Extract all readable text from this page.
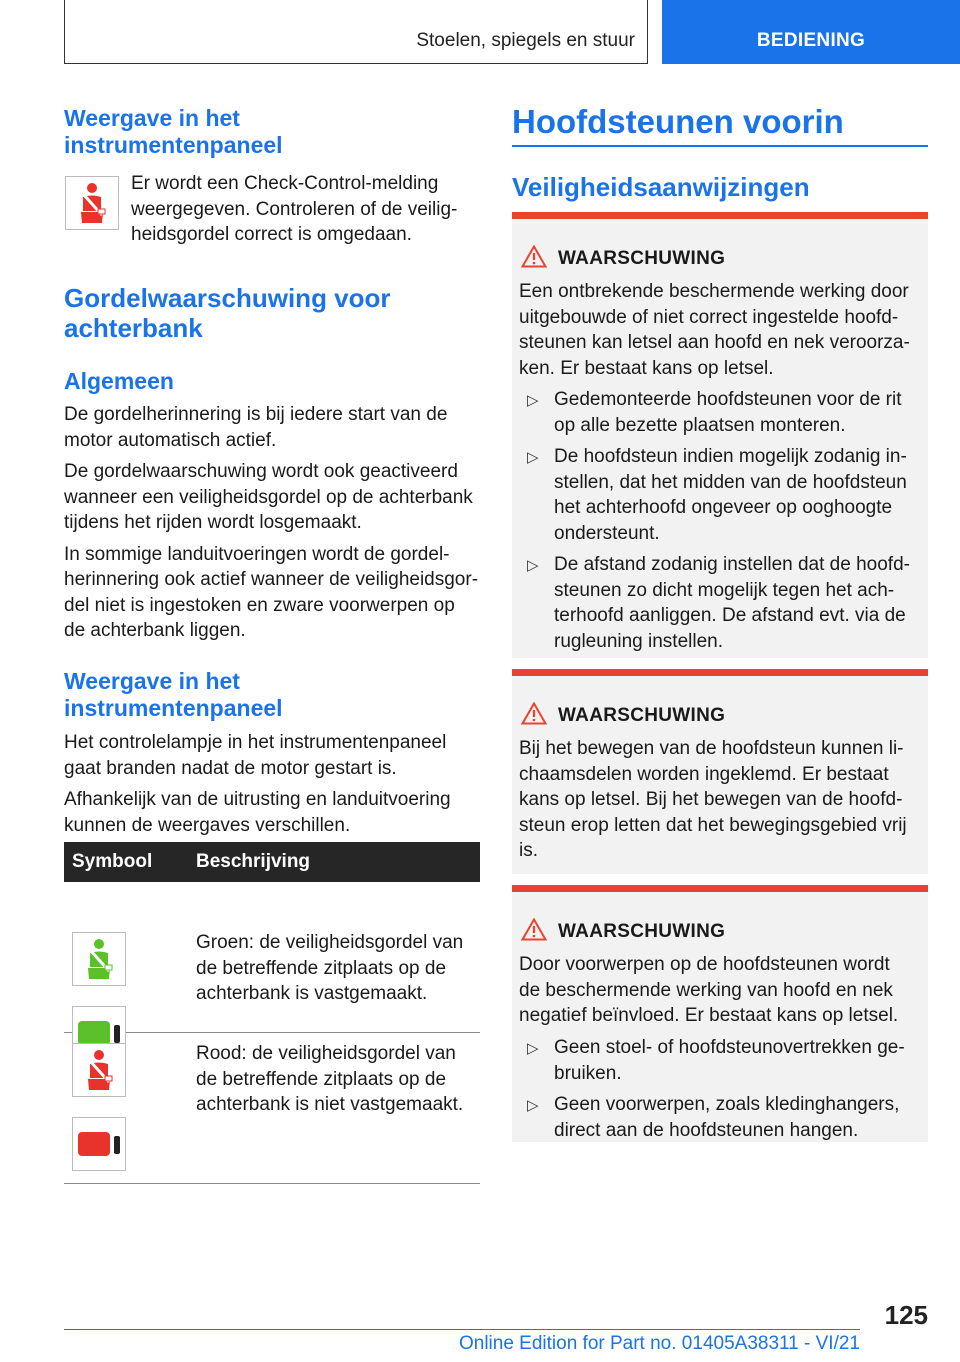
Stoelen, spiegels en stuur	BEDIENING
Weergave in het
instrumentenpaneel
Er wordt een Check-Control-melding
weergegeven. Controleren of de veilig-
heidsgordel correct is omgedaan.
Gordelwaarschuwing voor
achterbank
Algemeen

De gordelherinnering is bij iedere start van de
motor automatisch actief.

De gordelwaarschuwing wordt ook geactiveerd
wanneer een veiligheidsgordel op de achterbank
tijdens het rijden wordt losgemaakt.

In sommige landuitvoeringen wordt de gordel-
herinnering ook actief wanneer de veiligheidsgor-
del niet is ingestoken en zware voorwerpen op
de achterbank liggen.

Weergave in het
instrumentenpaneel

Het controlelampje in het instrumentenpaneel
gaat branden nadat de motor gestart is.

Afhankelijk van de uitrusting en landuitvoering
kunnen de weergaves verschillen.

Symbool Beschrijving
Groen: de veiligheidsgordel van
de betreffende zitplaats op de
achterbank is vastgemaakt.
Rood: de veiligheidsgordel van
de betreffende zitplaats op de
achterbank is niet vastgemaakt.
Hoofdsteunen voorin
Veiligheidsaanwijzingen
WAARSCHUWING
Een ontbrekende beschermende werking door
uitgebouwde of niet correct ingestelde hoofd-
steunen kan letsel aan hoofd en nek veroorza-
ken. Er bestaat kans op letsel.
▷ Gedemonteerde hoofdsteunen voor de rit
op alle bezette plaatsen monteren.
▷ De hoofdsteun indien mogelijk zodanig in-
stellen, dat het midden van de hoofdsteun
het achterhoofd ongeveer op ooghoogte
ondersteunt.
▷ De afstand zodanig instellen dat de hoofd-
steunen zo dicht mogelijk tegen het ach-
terhoofd aanliggen. De afstand evt. via de
rugleuning instellen.
WAARSCHUWING
Bij het bewegen van de hoofdsteun kunnen li-
chaamsdelen worden ingeklemd. Er bestaat
kans op letsel. Bij het bewegen van de hoofd-
steun erop letten dat het bewegingsgebied vrij
is.
WAARSCHUWING
Door voorwerpen op de hoofdsteunen wordt
de beschermende werking van hoofd en nek
negatief beïnvloed. Er bestaat kans op letsel.
▷ Geen stoel- of hoofdsteunovertrekken ge-
bruiken.
▷ Geen voorwerpen, zoals kledinghangers,
direct aan de hoofdsteunen hangen.
125
Online Edition for Part no. 01405A38311 - VI/21
